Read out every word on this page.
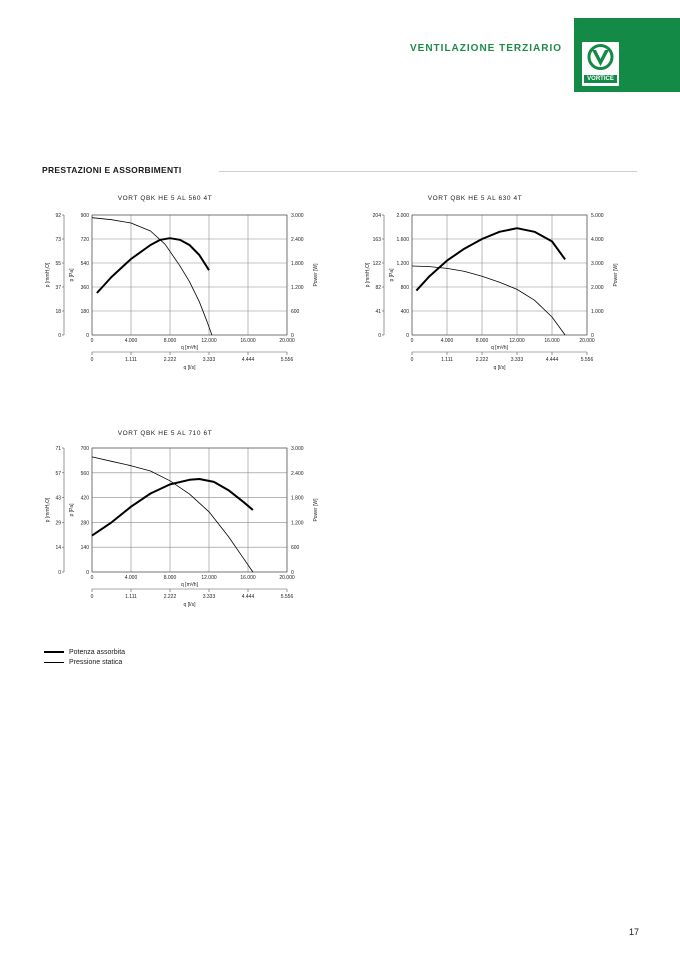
VENTILAZIONE TERZIARIO
VORTICE
PRESTAZIONI E ASSORBIMENTI
VORT QBK HE 5 AL 560 4T
0	0	0
0
0
18	180	600
4.000
1.111
37	360	1.200
8.000
2.222
55	540	1.800
12.000
3.333
73	720	2.400
16.000
4.444
92	900	3.000
20.000
5.556
q [m³/h]
q [l/s]
p [mmH₂O]	p [Pa]	Power [W]
VORT QBK HE 5 AL 630 4T
0	0	0
0
0
41	400	1.000
4.000
1.111
82	800	2.000
8.000
2.222
122	1.200	3.000
12.000
3.333
163	1.600	4.000
16.000
4.444
204	2.000	5.000
20.000
5.556
q [m³/h]
q [l/s]
p [mmH₂O]	p [Pa]	Power [W]
VORT QBK HE 5 AL 710 6T
0	0	0
0
0
14	140	600
4.000
1.111
29	280	1.200
8.000
2.222
43	420	1.800
12.000
3.333
57	560	2.400
16.000
4.444
71	700	3.000
20.000
5.556
q [m³/h]
q [l/s]
p [mmH₂O]	p [Pa]	Power [W]
Potenza assorbita
Pressione statica
17
